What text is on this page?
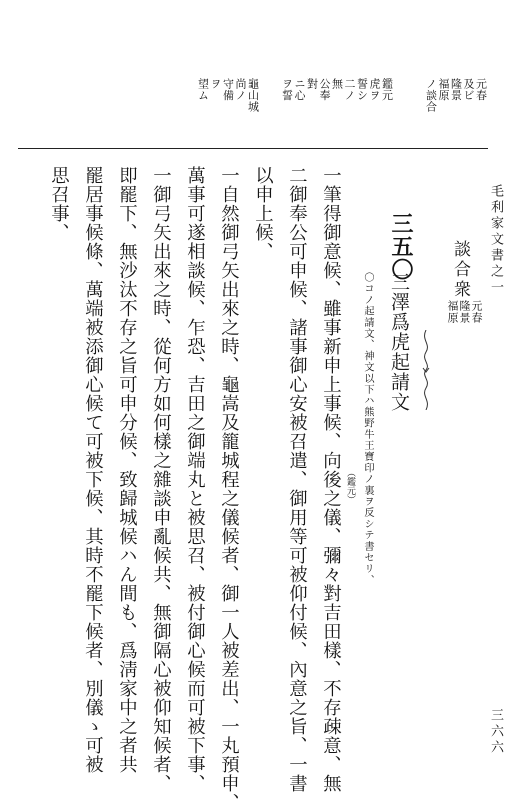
毛利家文書之一
三六六
元春
及ビ
隆景
福原
ノ談合
鑑元
虎ヲ
誓シ
二ノ
無
公奉
對
ニ心
ヲ誓
龜山城
尚ノ
守備
ヲ
望ム
談合衆
元春
隆景
福原
三五〇
三澤爲虎起請文
〇コノ起請文、神文以下ハ熊野牛王寶印ノ裏ヲ反シテ書セリ、
一筆得御意候、雖事新申上事候、向後之儀、彌々對吉田樣、不存疎意、無 （鑑元）
二御奉公可申候、諸事御心安被召遣、御用等可被仰付候、內意之旨、一書
以申上候、
一自然御弓矢出來之時、龜嵩及籠城程之儀候者、御一人被差出、一丸預申、
萬事可遂相談候、乍恐、吉田之御端丸と被思召、被付御心候而可被下事、
一御弓矢出來之時、從何方如何樣之雜談申亂候共、無御隔心被仰知候者、
即罷下、無沙汰不存之旨可申分候、致歸城候ハん間も、爲淸家中之者共
罷居事候條、萬端被添御心候て可被下候、其時不罷下候者、別儀ゝ可被
思召事、
